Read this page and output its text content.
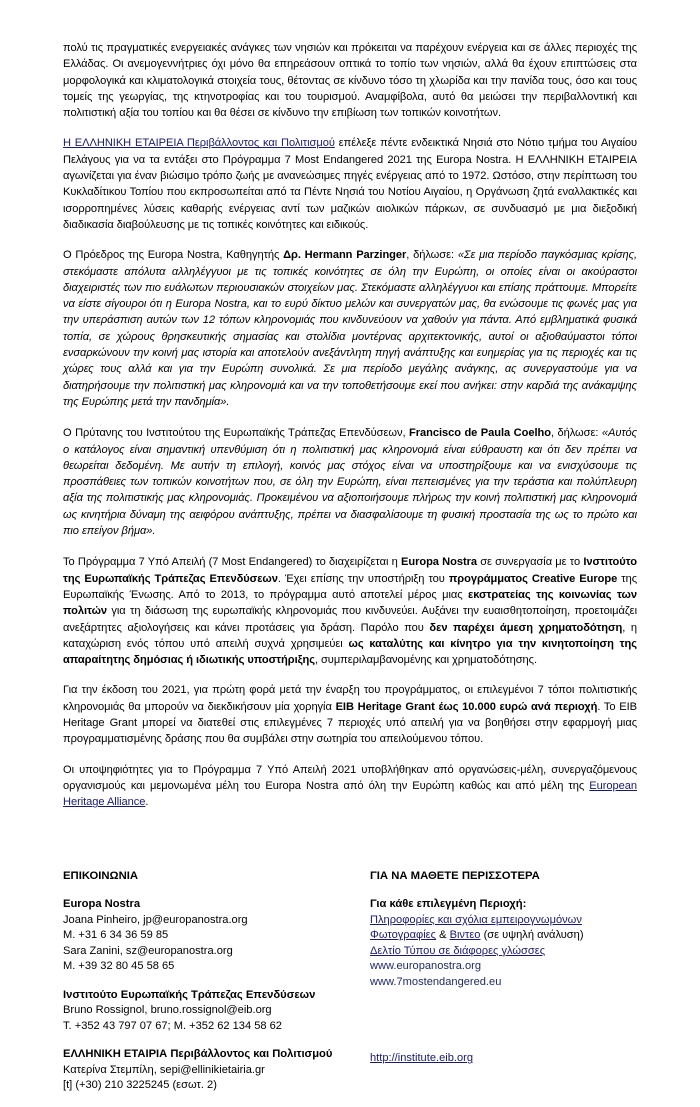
πολύ τις πραγματικές ενεργειακές ανάγκες των νησιών και πρόκειται να παρέχουν ενέργεια και σε άλλες περιοχές της Ελλάδας. Οι ανεμογεννήτριες όχι μόνο θα επηρεάσουν οπτικά το τοπίο των νησιών, αλλά θα έχουν επιπτώσεις στα μορφολογικά και κλιματολογικά στοιχεία τους, θέτοντας σε κίνδυνο τόσο τη χλωρίδα και την πανίδα τους, όσο και τους τομείς της γεωργίας, της κτηνοτροφίας και του τουρισμού. Αναμφίβολα, αυτό θα μειώσει την περιβαλλοντική και πολιτιστική αξία του τοπίου και θα θέσει σε κίνδυνο την επιβίωση των τοπικών κοινοτήτων.

Η ΕΛΛΗΝΙΚΗ ΕΤΑΙΡΕΙΑ Περιβάλλοντος και Πολιτισμού επέλεξε πέντε ενδεικτικά Νησιά στο Νότιο τμήμα του Αιγαίου Πελάγους για να τα εντάξει στο Πρόγραμμα 7 Most Endangered 2021 της Europa Nostra. Η ΕΛΛΗΝΙΚΗ ΕΤΑΙΡΕΙΑ αγωνίζεται για έναν βιώσιμο τρόπο ζωής με ανανεώσιμες πηγές ενέργειας από το 1972. Ωστόσο, στην περίπτωση του Κυκλαδίτικου Τοπίου που εκπροσωπείται από τα Πέντε Νησιά του Νοτίου Αιγαίου, η Οργάνωση ζητά εναλλακτικές και ισορροπημένες λύσεις καθαρής ενέργειας αντί των μαζικών αιολικών πάρκων, σε συνδυασμό με μια διεξοδική διαδικασία διαβούλευσης με τις τοπικές κοινότητες και ειδικούς.

Ο Πρόεδρος της Europa Nostra, Καθηγητής Δρ. Hermann Parzinger, δήλωσε: «Σε μια περίοδο παγκόσμιας κρίσης, στεκόμαστε απόλυτα αλληλέγγυοι με τις τοπικές κοινότητες σε όλη την Ευρώπη, οι οποίες είναι οι ακούραστοι διαχειριστές των πιο ευάλωτων περιουσιακών στοιχείων μας. Στεκόμαστε αλληλέγγυοι και επίσης πράττουμε. Μπορείτε να είστε σίγουροι ότι η Europa Nostra, και το ευρύ δίκτυο μελών και συνεργατών μας, θα ενώσουμε τις φωνές μας για την υπεράσπιση αυτών των 12 τόπων κληρονομιάς που κινδυνεύουν να χαθούν για πάντα. Από εμβληματικά φυσικά τοπία, σε χώρους θρησκευτικής σημασίας και στολίδια μοντέρνας αρχιτεκτονικής, αυτοί οι αξιοθαύμαστοι τόποι ενσαρκώνουν την κοινή μας ιστορία και αποτελούν ανεξάντλητη πηγή ανάπτυξης και ευημερίας για τις περιοχές και τις χώρες τους αλλά και για την Ευρώπη συνολικά. Σε μια περίοδο μεγάλης ανάγκης, ας συνεργαστούμε για να διατηρήσουμε την πολιτιστική μας κληρονομιά και να την τοποθετήσουμε εκεί που ανήκει: στην καρδιά της ανάκαμψης της Ευρώπης μετά την πανδημία».

Ο Πρύτανης του Ινστιτούτου της Ευρωπαϊκής Τράπεζας Επενδύσεων, Francisco de Paula Coelho, δήλωσε: «Αυτός ο κατάλογος είναι σημαντική υπενθύμιση ότι η πολιτιστική μας κληρονομιά είναι εύθραυστη και ότι δεν πρέπει να θεωρείται δεδομένη. Με αυτήν τη επιλογή, κοινός μας στόχος είναι να υποστηρίξουμε και να ενισχύσουμε τις προσπάθειες των τοπικών κοινοτήτων που, σε όλη την Ευρώπη, είναι πεπεισμένες για την τεράστια και πολύπλευρη αξία της πολιτιστικής μας κληρονομιάς. Προκειμένου να αξιοποιήσουμε πλήρως την κοινή πολιτιστική μας κληρονομιά ως κινητήρια δύναμη της αειφόρου ανάπτυξης, πρέπει να διασφαλίσουμε τη φυσική προστασία της ως το πρώτο και πιο επείγον βήμα».

Το Πρόγραμμα 7 Υπό Απειλή (7 Most Endangered) το διαχειρίζεται η Europa Nostra σε συνεργασία με το Ινστιτούτο της Ευρωπαϊκής Τράπεζας Επενδύσεων. Έχει επίσης την υποστήριξη του προγράμματος Creative Europe της Ευρωπαϊκής Ένωσης. Από το 2013, το πρόγραμμα αυτό αποτελεί μέρος μιας εκστρατείας της κοινωνίας των πολιτών για τη διάσωση της ευρωπαϊκής κληρονομιάς που κινδυνεύει. Αυξάνει την ευαισθητοποίηση, προετοιμάζει ανεξάρτητες αξιολογήσεις και κάνει προτάσεις για δράση. Παρόλο που δεν παρέχει άμεση χρηματοδότηση, η καταχώριση ενός τόπου υπό απειλή συχνά χρησιμεύει ως καταλύτης και κίνητρο για την κινητοποίηση της απαραίτητης δημόσιας ή ιδιωτικής υποστήριξης, συμπεριλαμβανομένης και χρηματοδότησης.

Για την έκδοση του 2021, για πρώτη φορά μετά την έναρξη του προγράμματος, οι επιλεγμένοι 7 τόποι πολιτιστικής κληρονομιάς θα μπορούν να διεκδικήσουν μία χορηγία EIB Heritage Grant έως 10.000 ευρώ ανά περιοχή. Το EIB Heritage Grant μπορεί να διατεθεί στις επιλεγμένες 7 περιοχές υπό απειλή για να βοηθήσει στην εφαρμογή μιας προγραμματισμένης δράσης που θα συμβάλει στην σωτηρία του απειλούμενου τόπου.

Οι υποψηφιότητες για το Πρόγραμμα 7 Υπό Απειλή 2021 υποβλήθηκαν από οργανώσεις-μέλη, συνεργαζόμενους οργανισμούς και μεμονωμένα μέλη του Europa Nostra από όλη την Ευρώπη καθώς και από μέλη της European Heritage Alliance.

ΕΠΙΚΟΙΝΩΝΙΑ
Europa Nostra
Joana Pinheiro, jp@europanostra.org
M. +31 6 34 36 59 85
Sara Zanini, sz@europanostra.org
M. +39 32 80 45 58 65
Ινστιτούτο Ευρωπαϊκής Τράπεζας Επενδύσεων
Bruno Rossignol, bruno.rossignol@eib.org
T. +352 43 797 07 67; M. +352 62 134 58 62
ΕΛΛΗΝΙΚΗ ΕΤΑΙΡΙΑ Περιβάλλοντος και Πολιτισμού
Κατερίνα Στεμπίλη, sepi@ellinikietairia.gr
[t] (+30) 210 3225245 (εσωτ. 2)
ΓΙΑ ΝΑ ΜΑΘΕΤΕ ΠΕΡΙΣΣΟΤΕΡΑ
Για κάθε επιλεγμένη Περιοχή:
Πληροφορίες και σχόλια εμπειρογνωμόνων
Φωτογραφίες & Βιντεο (σε υψηλή ανάλυση)
Δελτίο Τύπου σε διάφορες γλώσσες
www.europanostra.org
www.7mostendangered.eu
http://institute.eib.org
